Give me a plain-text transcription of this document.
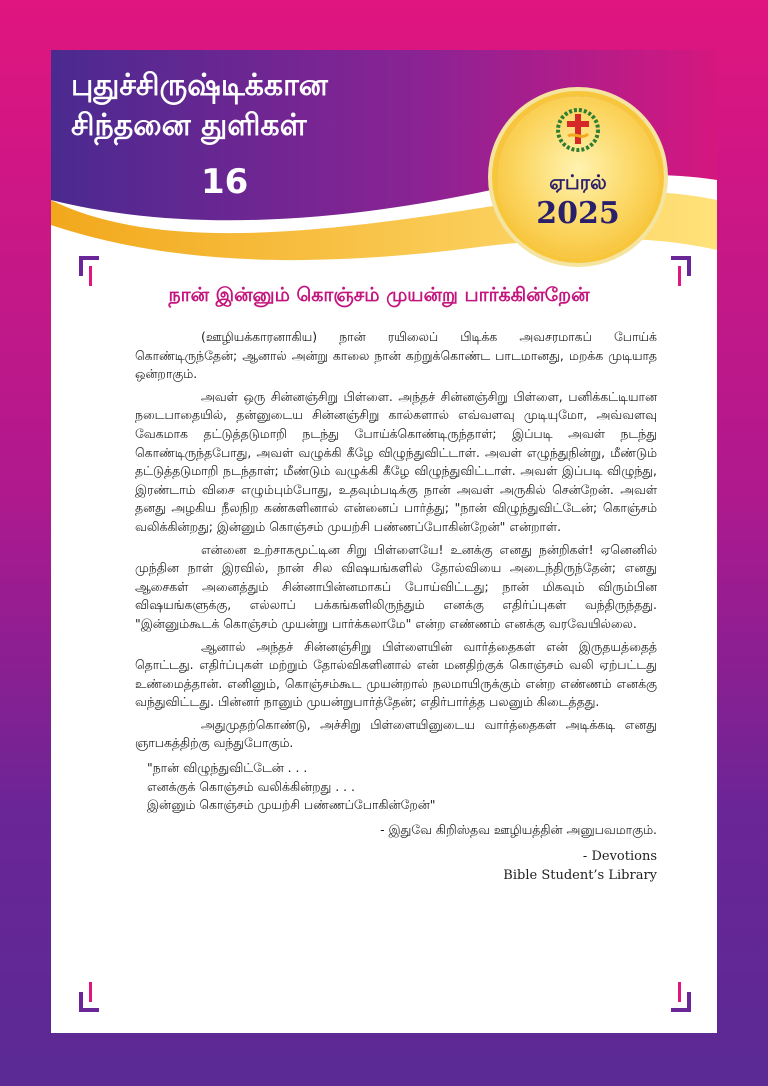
புதுச்சிருஷ்டிக்கான
சிந்தனை துளிகள்
16	ஏப்ரல்
2025
நான் இன்னும் கொஞ்சம் முயன்று பார்க்கின்றேன்

(ஊழியக்காரனாகிய) நான் ரயிலைப் பிடிக்க அவசரமாகப் போய்க் கொண்டிருந்தேன்; ஆனால் அன்று காலை நான் கற்றுக்கொண்ட பாடமானது, மறக்க முடியாத ஒன்றாகும்.

அவள் ஒரு சின்னஞ்சிறு பிள்ளை. அந்தச் சின்னஞ்சிறு பிள்ளை, பனிக்கட்டியான நடைபாதையில், தன்னுடைய சின்னஞ்சிறு கால்களால் எவ்வளவு முடியுமோ, அவ்வளவு வேகமாக தட்டுத்தடுமாறி நடந்து போய்க்கொண்டிருந்தாள்; இப்படி அவள் நடந்து கொண்டிருந்தபோது, அவள் வழுக்கி கீழே விழுந்துவிட்டாள். அவள் எழுந்துநின்று, மீண்டும் தட்டுத்தடுமாறி நடந்தாள்; மீண்டும் வழுக்கி கீழே விழுந்துவிட்டாள். அவள் இப்படி விழுந்து, இரண்டாம் விசை எழும்பும்போது, உதவும்படிக்கு நான் அவள் அருகில் சென்றேன். அவள் தனது அழகிய நீலநிற கண்களினால் என்னைப் பார்த்து; "நான் விழுந்துவிட்டேன்; கொஞ்சம் வலிக்கின்றது; இன்னும் கொஞ்சம் முயற்சி பண்ணப்போகின்றேன்" என்றாள்.

என்னை உற்சாகமூட்டின சிறு பிள்ளையே! உனக்கு எனது நன்றிகள்! ஏனெனில் முந்தின நாள் இரவில், நான் சில விஷயங்களில் தோல்வியை அடைந்திருந்தேன்; எனது ஆசைகள் அனைத்தும் சின்னாபின்னமாகப் போய்விட்டது; நான் மிகவும் விரும்பின விஷயங்களுக்கு, எல்லாப் பக்கங்களிலிருந்தும் எனக்கு எதிர்ப்புகள் வந்திருந்தது. "இன்னும்கூடக் கொஞ்சம் முயன்று பார்க்கலாமே" என்ற எண்ணம் எனக்கு வரவேயில்லை.

ஆனால் அந்தச் சின்னஞ்சிறு பிள்ளையின் வார்த்தைகள் என் இருதயத்தைத் தொட்டது. எதிர்ப்புகள் மற்றும் தோல்விகளினால் என் மனதிற்குக் கொஞ்சம் வலி ஏற்பட்டது உண்மைத்தான். எனினும், கொஞ்சம்கூட முயன்றால் நலமாயிருக்கும் என்ற எண்ணம் எனக்கு வந்துவிட்டது. பின்னர் நானும் முயன்றுபார்த்தேன்; எதிர்பார்த்த பலனும் கிடைத்தது.

அதுமுதற்கொண்டு, அச்சிறு பிள்ளையினுடைய வார்த்தைகள் அடிக்கடி எனது ஞாபகத்திற்கு வந்துபோகும்.

"நான் விழுந்துவிட்டேன் . . .
எனக்குக் கொஞ்சம் வலிக்கின்றது . . .
இன்னும் கொஞ்சம் முயற்சி பண்ணப்போகின்றேன்"
- இதுவே கிறிஸ்தவ ஊழியத்தின் அனுபவமாகும்.
- Devotions
Bible Student’s Library
